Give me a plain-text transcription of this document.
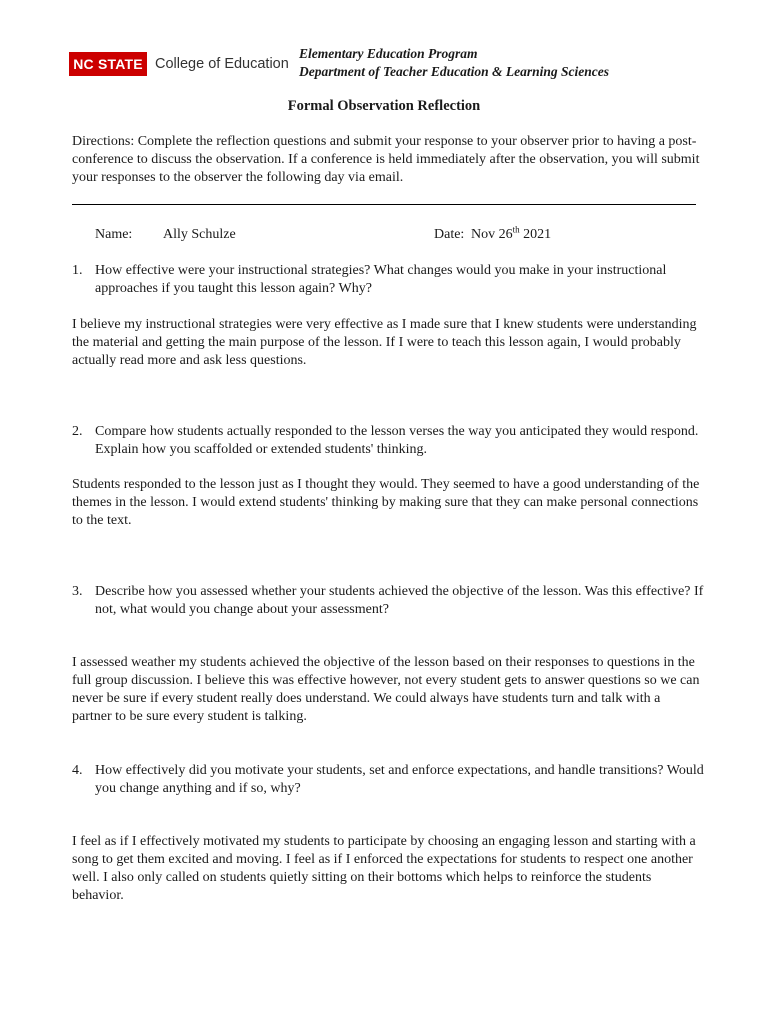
NC STATE College of Education
Elementary Education Program
Department of Teacher Education & Learning Sciences
Formal Observation Reflection
Directions: Complete the reflection questions and submit your response to your observer prior to having a post-conference to discuss the observation. If a conference is held immediately after the observation, you will submit your responses to the observer the following day via email.
Name: Ally Schulze	Date: Nov 26th 2021
1. How effective were your instructional strategies? What changes would you make in your instructional approaches if you taught this lesson again? Why?
I believe my instructional strategies were very effective as I made sure that I knew students were understanding the material and getting the main purpose of the lesson. If I were to teach this lesson again, I would probably actually read more and ask less questions.
2. Compare how students actually responded to the lesson verses the way you anticipated they would respond. Explain how you scaffolded or extended students' thinking.
Students responded to the lesson just as I thought they would. They seemed to have a good understanding of the themes in the lesson. I would extend students' thinking by making sure that they can make personal connections to the text.
3. Describe how you assessed whether your students achieved the objective of the lesson. Was this effective? If not, what would you change about your assessment?
I assessed weather my students achieved the objective of the lesson based on their responses to questions in the full group discussion. I believe this was effective however, not every student gets to answer questions so we can never be sure if every student really does understand. We could always have students turn and talk with a partner to be sure every student is talking.
4. How effectively did you motivate your students, set and enforce expectations, and handle transitions? Would you change anything and if so, why?
I feel as if I effectively motivated my students to participate by choosing an engaging lesson and starting with a song to get them excited and moving. I feel as if I enforced the expectations for students to respect one another well. I also only called on students quietly sitting on their bottoms which helps to reinforce the students behavior.
